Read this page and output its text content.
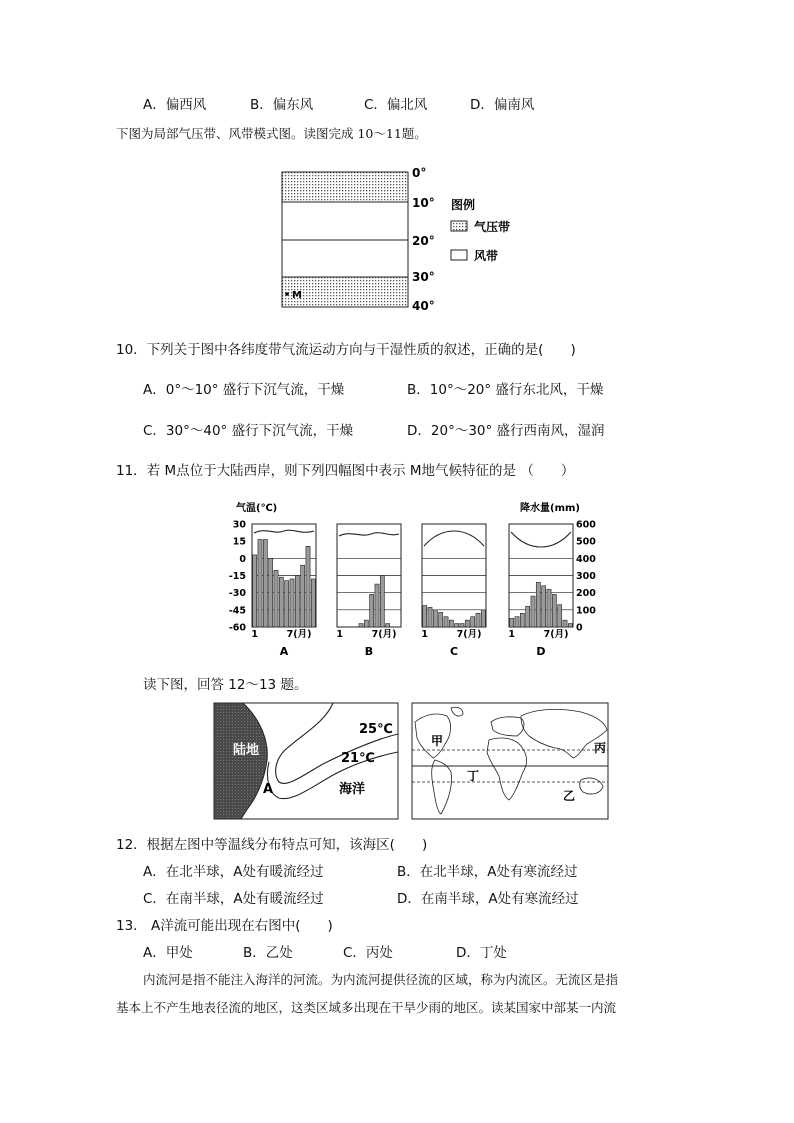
A．偏西风	B．偏东风	C．偏北风	D．偏南风
下图为局部气压带、风带模式图。读图完成 10～11题。
M
0°
10°
20°
30°
40°
图例
气压带
风带
10．下列关于图中各纬度带气流运动方向与干湿性质的叙述，正确的是(　　)
A．0°～10° 盛行下沉气流，干燥	B．10°～20° 盛行东北风，干燥
C．30°～40° 盛行下沉气流，干燥	D．20°～30° 盛行西南风，湿润
11．若 M点位于大陆西岸，则下列四幅图中表示 M地气候特征的是 （　　）
气温(℃)	降水量(mm)
30
15
0
-15
-30
-45
-60
600
500
400
300
200
100
0
1	7(月)
A
1	7(月)
B
1	7(月)
C
1	7(月)
D
读下图，回答 12～13 题。
陆地
25℃
21℃
A	海洋
甲
乙
丙
丁
12．根据左图中等温线分布特点可知，该海区(　　)
A．在北半球，A处有暖流经过	B．在北半球，A处有寒流经过
C．在南半球，A处有暖流经过	D．在南半球，A处有寒流经过
13． A洋流可能出现在右图中(　　)
A．甲处	B．乙处	C．丙处	D．丁处
内流河是指不能注入海洋的河流。为内流河提供径流的区域，称为内流区。无流区是指
基本上不产生地表径流的地区，这类区域多出现在干旱少雨的地区。读某国家中部某一内流
